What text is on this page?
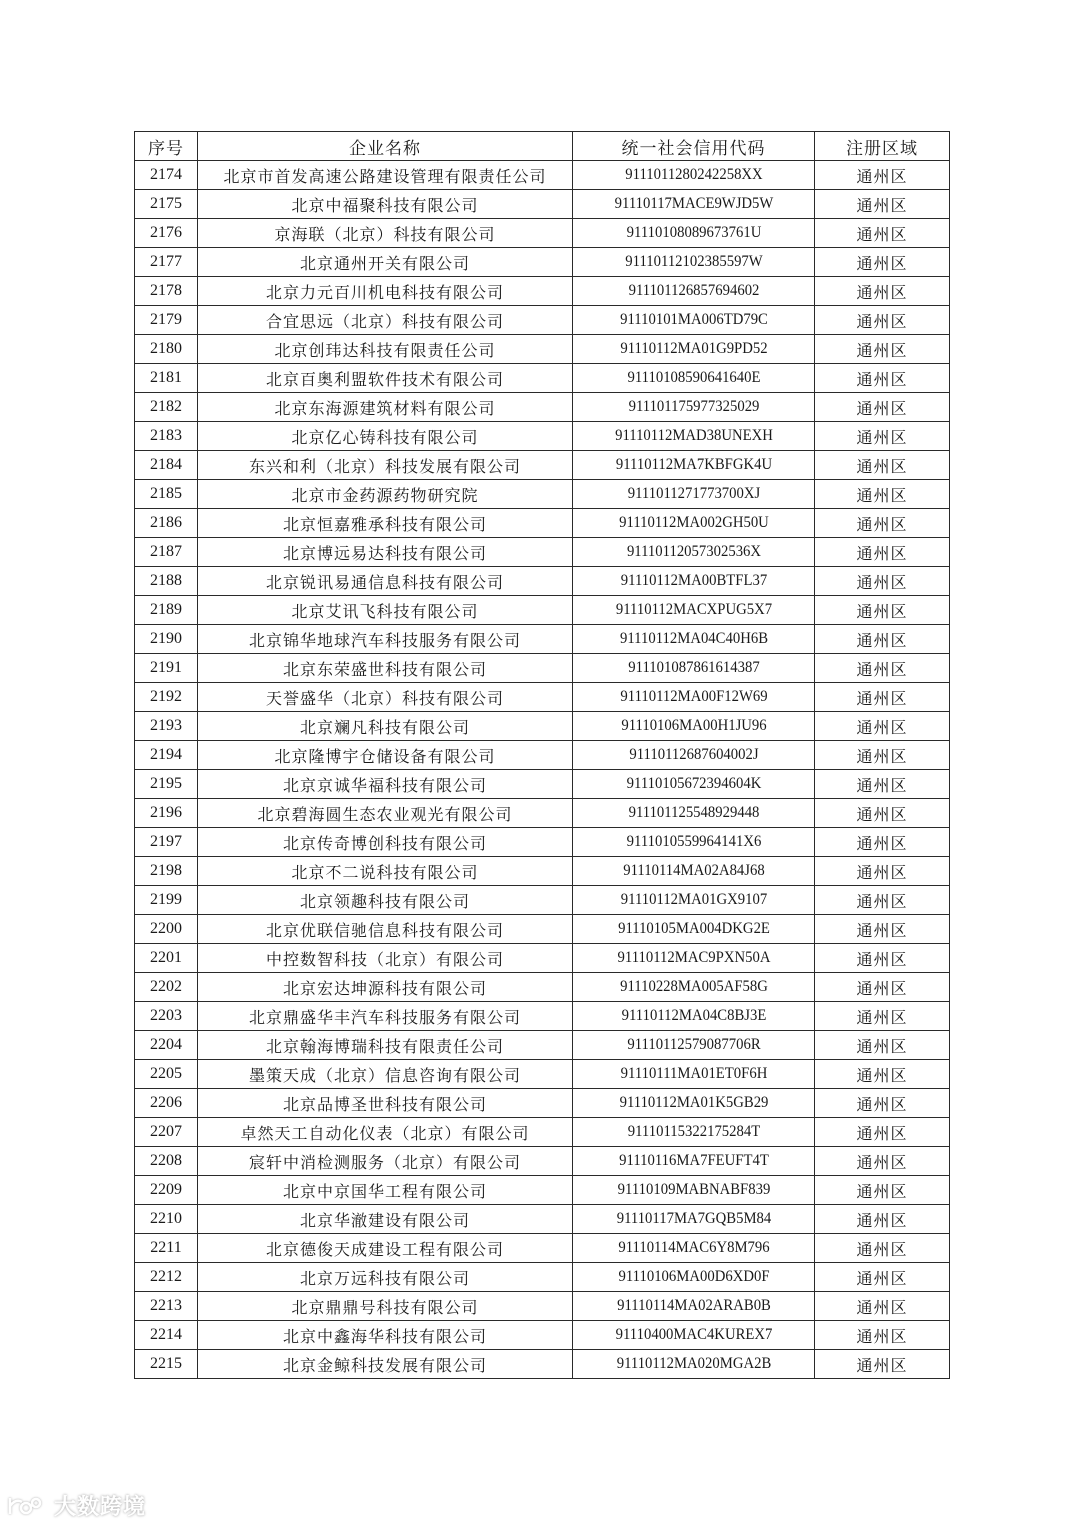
序号	企业名称	统一社会信用代码	注册区域
2174	北京市首发高速公路建设管理有限责任公司	9111011280242258XX	通州区
2175	北京中福聚科技有限公司	91110117MACE9WJD5W	通州区
2176	京海联（北京）科技有限公司	91110108089673761U	通州区
2177	北京通州开关有限公司	91110112102385597W	通州区
2178	北京力元百川机电科技有限公司	911101126857694602	通州区
2179	合宜思远（北京）科技有限公司	91110101MA006TD79C	通州区
2180	北京创玮达科技有限责任公司	91110112MA01G9PD52	通州区
2181	北京百奥利盟软件技术有限公司	91110108590641640E	通州区
2182	北京东海源建筑材料有限公司	911101175977325029	通州区
2183	北京亿心铸科技有限公司	91110112MAD38UNEXH	通州区
2184	东兴和利（北京）科技发展有限公司	91110112MA7KBFGK4U	通州区
2185	北京市金药源药物研究院	9111011271773700XJ	通州区
2186	北京恒嘉雅承科技有限公司	91110112MA002GH50U	通州区
2187	北京博远易达科技有限公司	91110112057302536X	通州区
2188	北京锐讯易通信息科技有限公司	91110112MA00BTFL37	通州区
2189	北京艾讯飞科技有限公司	91110112MACXPUG5X7	通州区
2190	北京锦华地球汽车科技服务有限公司	91110112MA04C40H6B	通州区
2191	北京东荣盛世科技有限公司	911101087861614387	通州区
2192	天誉盛华（北京）科技有限公司	91110112MA00F12W69	通州区
2193	北京斓凡科技有限公司	91110106MA00H1JU96	通州区
2194	北京隆博宇仓储设备有限公司	91110112687604002J	通州区
2195	北京京诚华福科技有限公司	91110105672394604K	通州区
2196	北京碧海圆生态农业观光有限公司	911101125548929448	通州区
2197	北京传奇博创科技有限公司	9111010559964141X6	通州区
2198	北京不二说科技有限公司	91110114MA02A84J68	通州区
2199	北京领趣科技有限公司	91110112MA01GX9107	通州区
2200	北京优联信驰信息科技有限公司	91110105MA004DKG2E	通州区
2201	中控数智科技（北京）有限公司	91110112MAC9PXN50A	通州区
2202	北京宏达坤源科技有限公司	91110228MA005AF58G	通州区
2203	北京鼎盛华丰汽车科技服务有限公司	91110112MA04C8BJ3E	通州区
2204	北京翰海博瑞科技有限责任公司	91110112579087706R	通州区
2205	墨策天成（北京）信息咨询有限公司	91110111MA01ET0F6H	通州区
2206	北京品博圣世科技有限公司	91110112MA01K5GB29	通州区
2207	卓然天工自动化仪表（北京）有限公司	91110115322175284T	通州区
2208	宸轩中消检测服务（北京）有限公司	91110116MA7FEUFT4T	通州区
2209	北京中京国华工程有限公司	91110109MABNABF839	通州区
2210	北京华澈建设有限公司	91110117MA7GQB5M84	通州区
2211	北京德俊天成建设工程有限公司	91110114MAC6Y8M796	通州区
2212	北京万远科技有限公司	91110106MA00D6XD0F	通州区
2213	北京鼎鼎号科技有限公司	91110114MA02ARAB0B	通州区
2214	北京中鑫海华科技有限公司	91110400MAC4KUREX7	通州区
2215	北京金鲸科技发展有限公司	91110112MA020MGA2B	通州区
大数跨境
